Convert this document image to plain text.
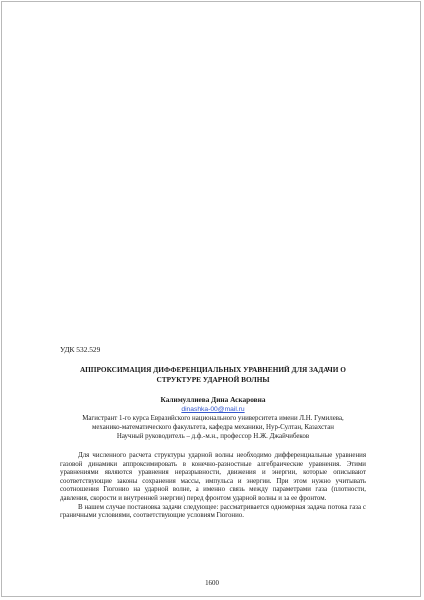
УДК 532.529

АППРОКСИМАЦИЯ ДИФФЕРЕНЦИАЛЬНЫХ УРАВНЕНИЙ ДЛЯ ЗАДАЧИ О
СТРУКТУРЕ УДАРНОЙ ВОЛНЫ

Калимуллиева Дина Аскаровна

dinashka-00@mail.ru

Магистрант 1-го курса Евразийского национального университета имени Л.Н. Гумилева,

механико-математического факультета, кафедра механики, Нур-Султан, Казахстан

Научный руководитель – д.ф.-м.н., профессор Н.Ж. Джайчибеков

Для численного расчета структуры ударной волны необходимо дифференциальные уравнения газовой динамики аппроксимировать в конечно-разностные алгебраические уравнения. Этими уравнениями являются уравнения неразрывности, движения и энергии, которые описывают соответствующие законы сохранения массы, импульса и энергии. При этом нужно учитывать соотношения Гюгонио на ударной волне, а именно связь между параметрами газа (плотности, давления, скорости и внутренней энергии) перед фронтом ударной волны и за ее фронтом.

В нашем случае постановка задачи следующее: рассматривается одномерная задача потока газа с граничными условиями, соответствующие условиям Гюгонио.

1600
